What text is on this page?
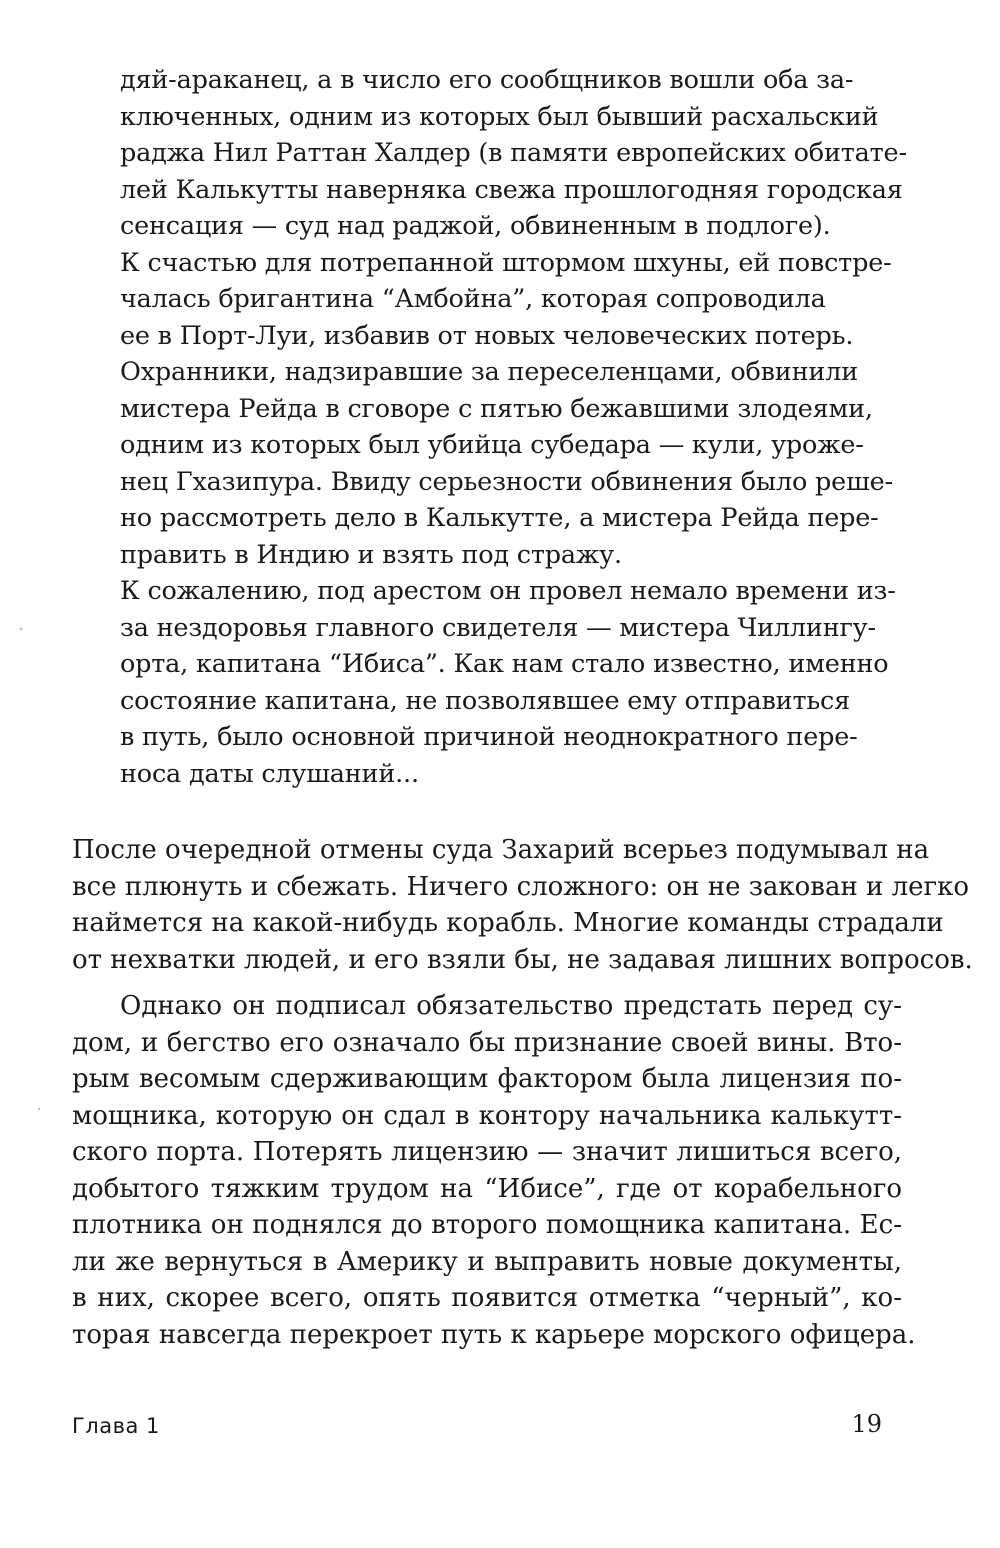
дяй-араканец, а в число его сообщников вошли оба за-
ключенных, одним из которых был бывший расхальский
раджа Нил Раттан Халдер (в памяти европейских обитате-
лей Калькутты наверняка свежа прошлогодняя городская
сенсация — суд над раджой, обвиненным в подлоге).
К счастью для потрепанной штормом шхуны, ей повстре-
чалась бригантина “Амбойна”, которая сопроводила
ее в Порт-Луи, избавив от новых человеческих потерь.
Охранники, надзиравшие за переселенцами, обвинили
мистера Рейда в сговоре с пятью бежавшими злодеями,
одним из которых был убийца субедара — кули, уроже-
нец Гхазипура. Ввиду серьезности обвинения было реше-
но рассмотреть дело в Калькутте, а мистера Рейда пере-
править в Индию и взять под стражу.
К сожалению, под арестом он провел немало времени из-
за нездоровья главного свидетеля — мистера Чиллингу-
орта, капитана “Ибиса”. Как нам стало известно, именно
состояние капитана, не позволявшее ему отправиться
в путь, было основной причиной неоднократного пере-
носа даты слушаний...
После очередной отмены суда Захарий всерьез подумывал на
все плюнуть и сбежать. Ничего сложного: он не закован и легко
наймется на какой-нибудь корабль. Многие команды страдали
от нехватки людей, и его взяли бы, не задавая лишних вопросов.
Однако он подписал обязательство предстать перед су-
дом, и бегство его означало бы признание своей вины. Вто-
рым весомым сдерживающим фактором была лицензия по-
мощника, которую он сдал в контору начальника калькутт-
ского порта. Потерять лицензию — значит лишиться всего,
добытого тяжким трудом на “Ибисе”, где от корабельного
плотника он поднялся до второго помощника капитана. Ес-
ли же вернуться в Америку и выправить новые документы,
в них, скорее всего, опять появится отметка “черный”, ко-
торая навсегда перекроет путь к карьере морского офицера.
Глава 1	19
